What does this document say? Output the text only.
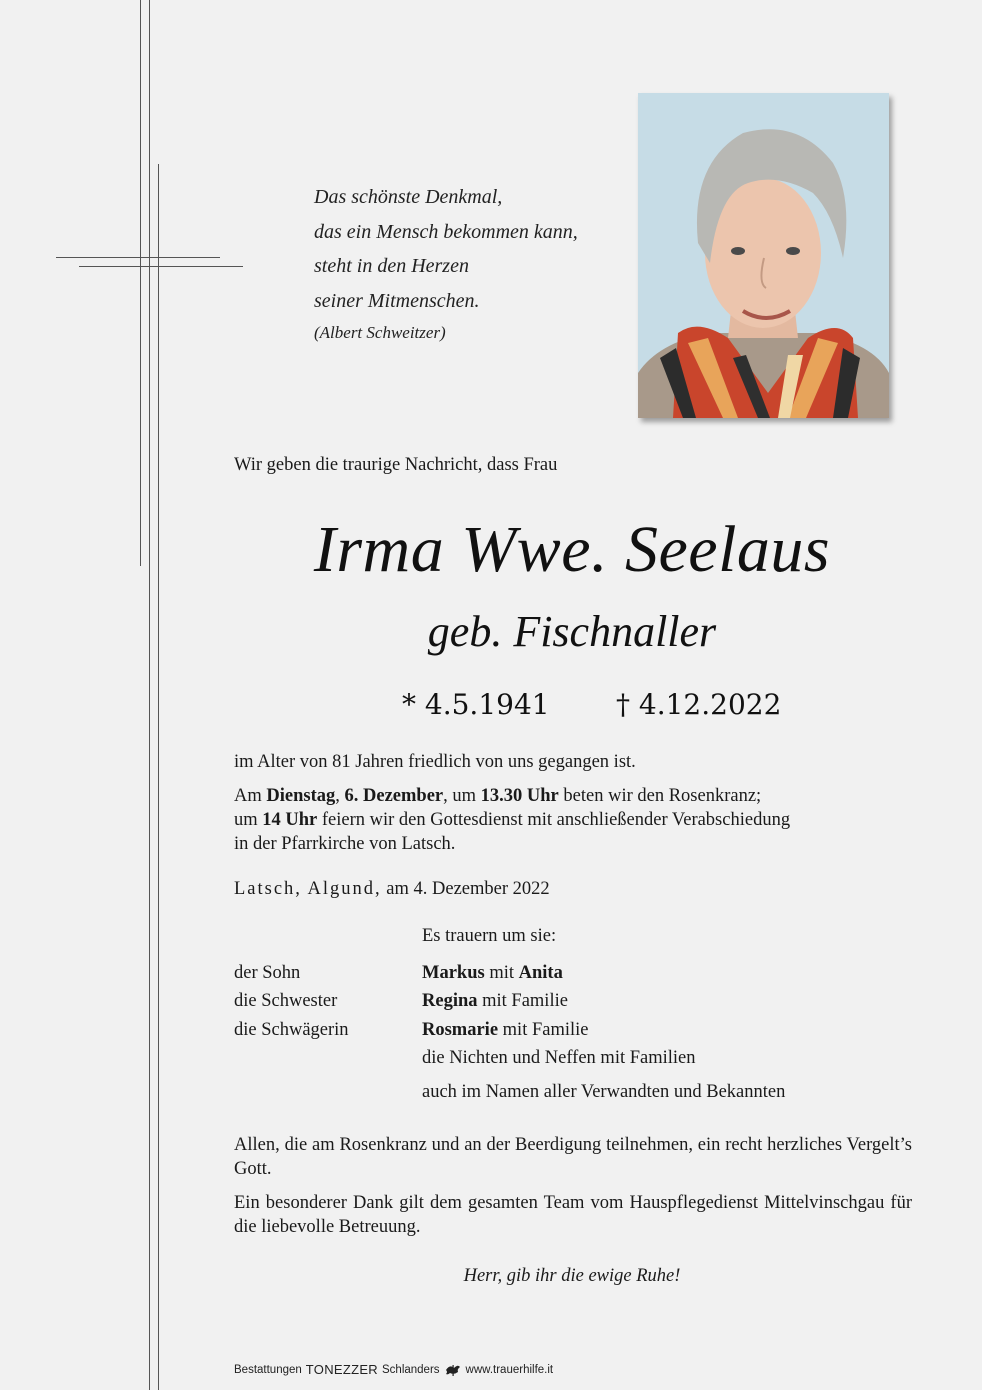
Das schönste Denkmal,
das ein Mensch bekommen kann,
steht in den Herzen
seiner Mitmenschen.
(Albert Schweitzer)
Wir geben die traurige Nachricht, dass Frau
Irma Wwe. Seelaus
geb. Fischnaller
* 4.5.1941 † 4.12.2022
im Alter von 81 Jahren friedlich von uns gegangen ist.
Am Dienstag, 6. Dezember, um 13.30 Uhr beten wir den Rosenkranz;
um 14 Uhr feiern wir den Gottesdienst mit anschließender Verabschiedung
in der Pfarrkirche von Latsch.
Latsch, Algund, am 4. Dezember 2022
Es trauern um sie:
der Sohn	Markus mit Anita
die Schwester	Regina mit Familie
die Schwägerin	Rosmarie mit Familie
die Nichten und Neffen mit Familien
auch im Namen aller Verwandten und Bekannten
Allen, die am Rosenkranz und an der Beerdigung teilnehmen, ein recht herzliches Vergelt’s Gott.
Ein besonderer Dank gilt dem gesamten Team vom Hauspflegedienst Mittelvinschgau für die liebevolle Betreuung.
Herr, gib ihr die ewige Ruhe!
Bestattungen TONEZZER Schlanders www.trauerhilfe.it
